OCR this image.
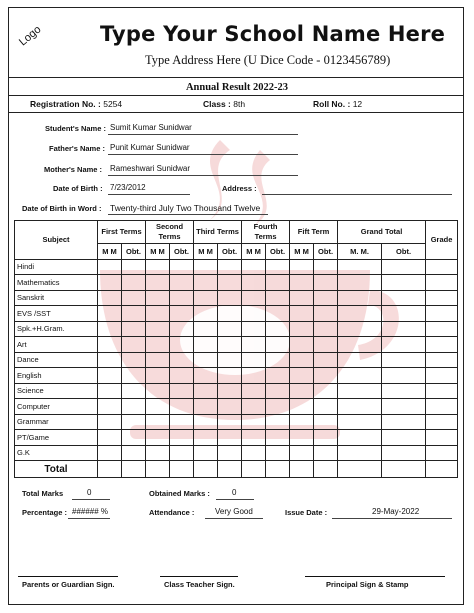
Logo	Type Your School Name Here
Type Address Here (U Dice Code - 0123456789)
Annual Result 2022-23
Registration No. : 5254	Class : 8th	Roll No. : 12
Student's Name : Sumit Kumar Sunidwar
Father's Name : Punit Kumar Sunidwar
Mother's Name : Rameshwari Sunidwar
Date of Birth : 7/23/2012	Address :
Date of Birth in Word : Twenty-third July Two Thousand Twelve
Subject	First Terms		Second Terms		Third Terms		Fourth Terms		Fift Term		Grand Total		Grade
	M M	Obt.	M M	Obt.	M M	Obt.	M M	Obt.	M M	Obt.	M. M.	Obt.	
Hindi													
Mathematics													
Sanskrit													
EVS /SST													
Spk.+H.Gram.													
Art													
Dance													
English													
Science													
Computer													
Grammar													
PT/Game													
G.K													
Total													
Total Marks	0	Obtained Marks :	0
Percentage : ###### %	Attendance :	Very Good	Issue Date :	29-May-2022
Parents or Guardian Sign.	Class Teacher Sign.	Principal Sign & Stamp
